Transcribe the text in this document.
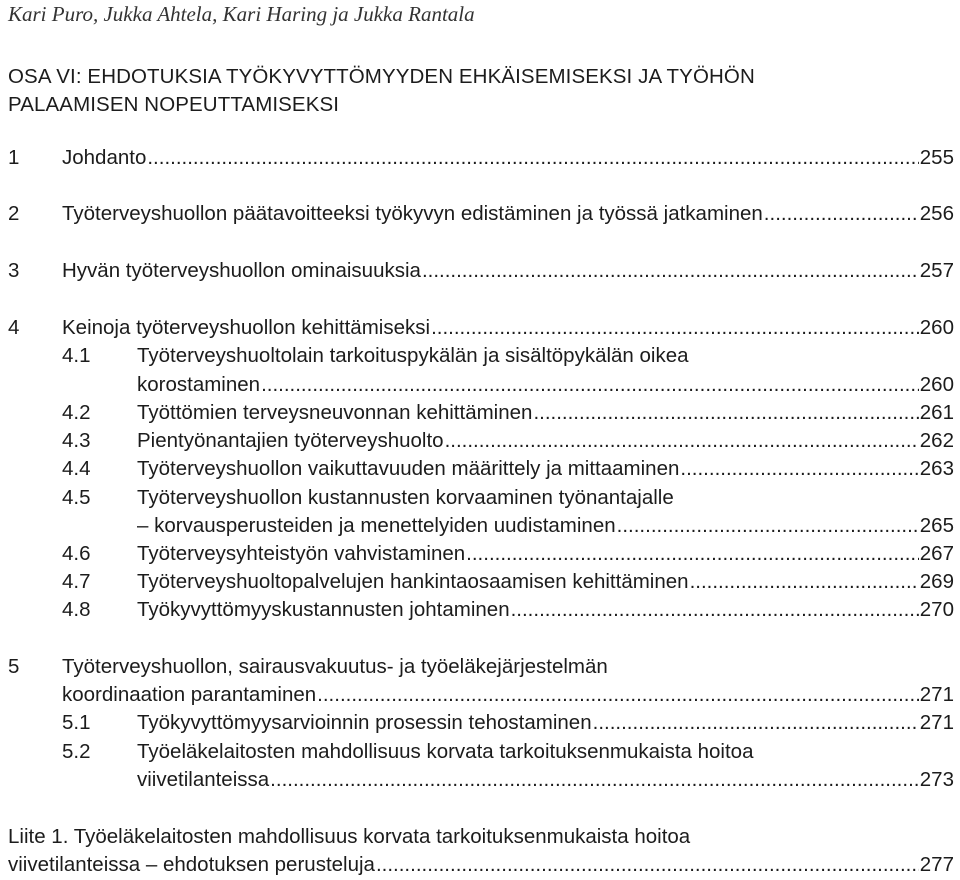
Kari Puro, Jukka Ahtela, Kari Haring ja Jukka Rantala
OSA VI: EHDOTUKSIA TYÖKYVYTTÖMYYDEN EHKÄISEMISEKSI JA TYÖHÖN
PALAAMISEN NOPEUTTAMISEKSI
1 Johdanto .....	255
2 Työterveyshuollon päätavoitteeksi työkyvyn edistäminen ja työssä jatkaminen .....	256
3 Hyvän työterveyshuollon ominaisuuksia .....	257
4 Keinoja työterveyshuollon kehittämiseksi .....	260
4.1 Työterveyshuoltolain tarkoituspykälän ja sisältöpykälän oikea
korostaminen .....	260
4.2 Työttömien terveysneuvonnan kehittäminen .....	261
4.3 Pientyönantajien työterveyshuolto .....	262
4.4 Työterveyshuollon vaikuttavuuden määrittely ja mittaaminen .....	263
4.5 Työterveyshuollon kustannusten korvaaminen työnantajalle
– korvausperusteiden ja menettelyiden uudistaminen .....	265
4.6 Työterveysyhteistyön vahvistaminen .....	267
4.7 Työterveyshuoltopalvelujen hankintaosaamisen kehittäminen .....	269
4.8 Työkyvyttömyyskustannusten johtaminen .....	270
5 Työterveyshuollon, sairausvakuutus- ja työeläkejärjestelmän
koordinaation parantaminen .....	271
5.1 Työkyvyttömyysarvioinnin prosessin tehostaminen .....	271
5.2 Työeläkelaitosten mahdollisuus korvata tarkoituksenmukaista hoitoa
viivetilanteissa .....	273
Liite 1. Työeläkelaitosten mahdollisuus korvata tarkoituksenmukaista hoitoa
viivetilanteissa – ehdotuksen perusteluja .....	277
